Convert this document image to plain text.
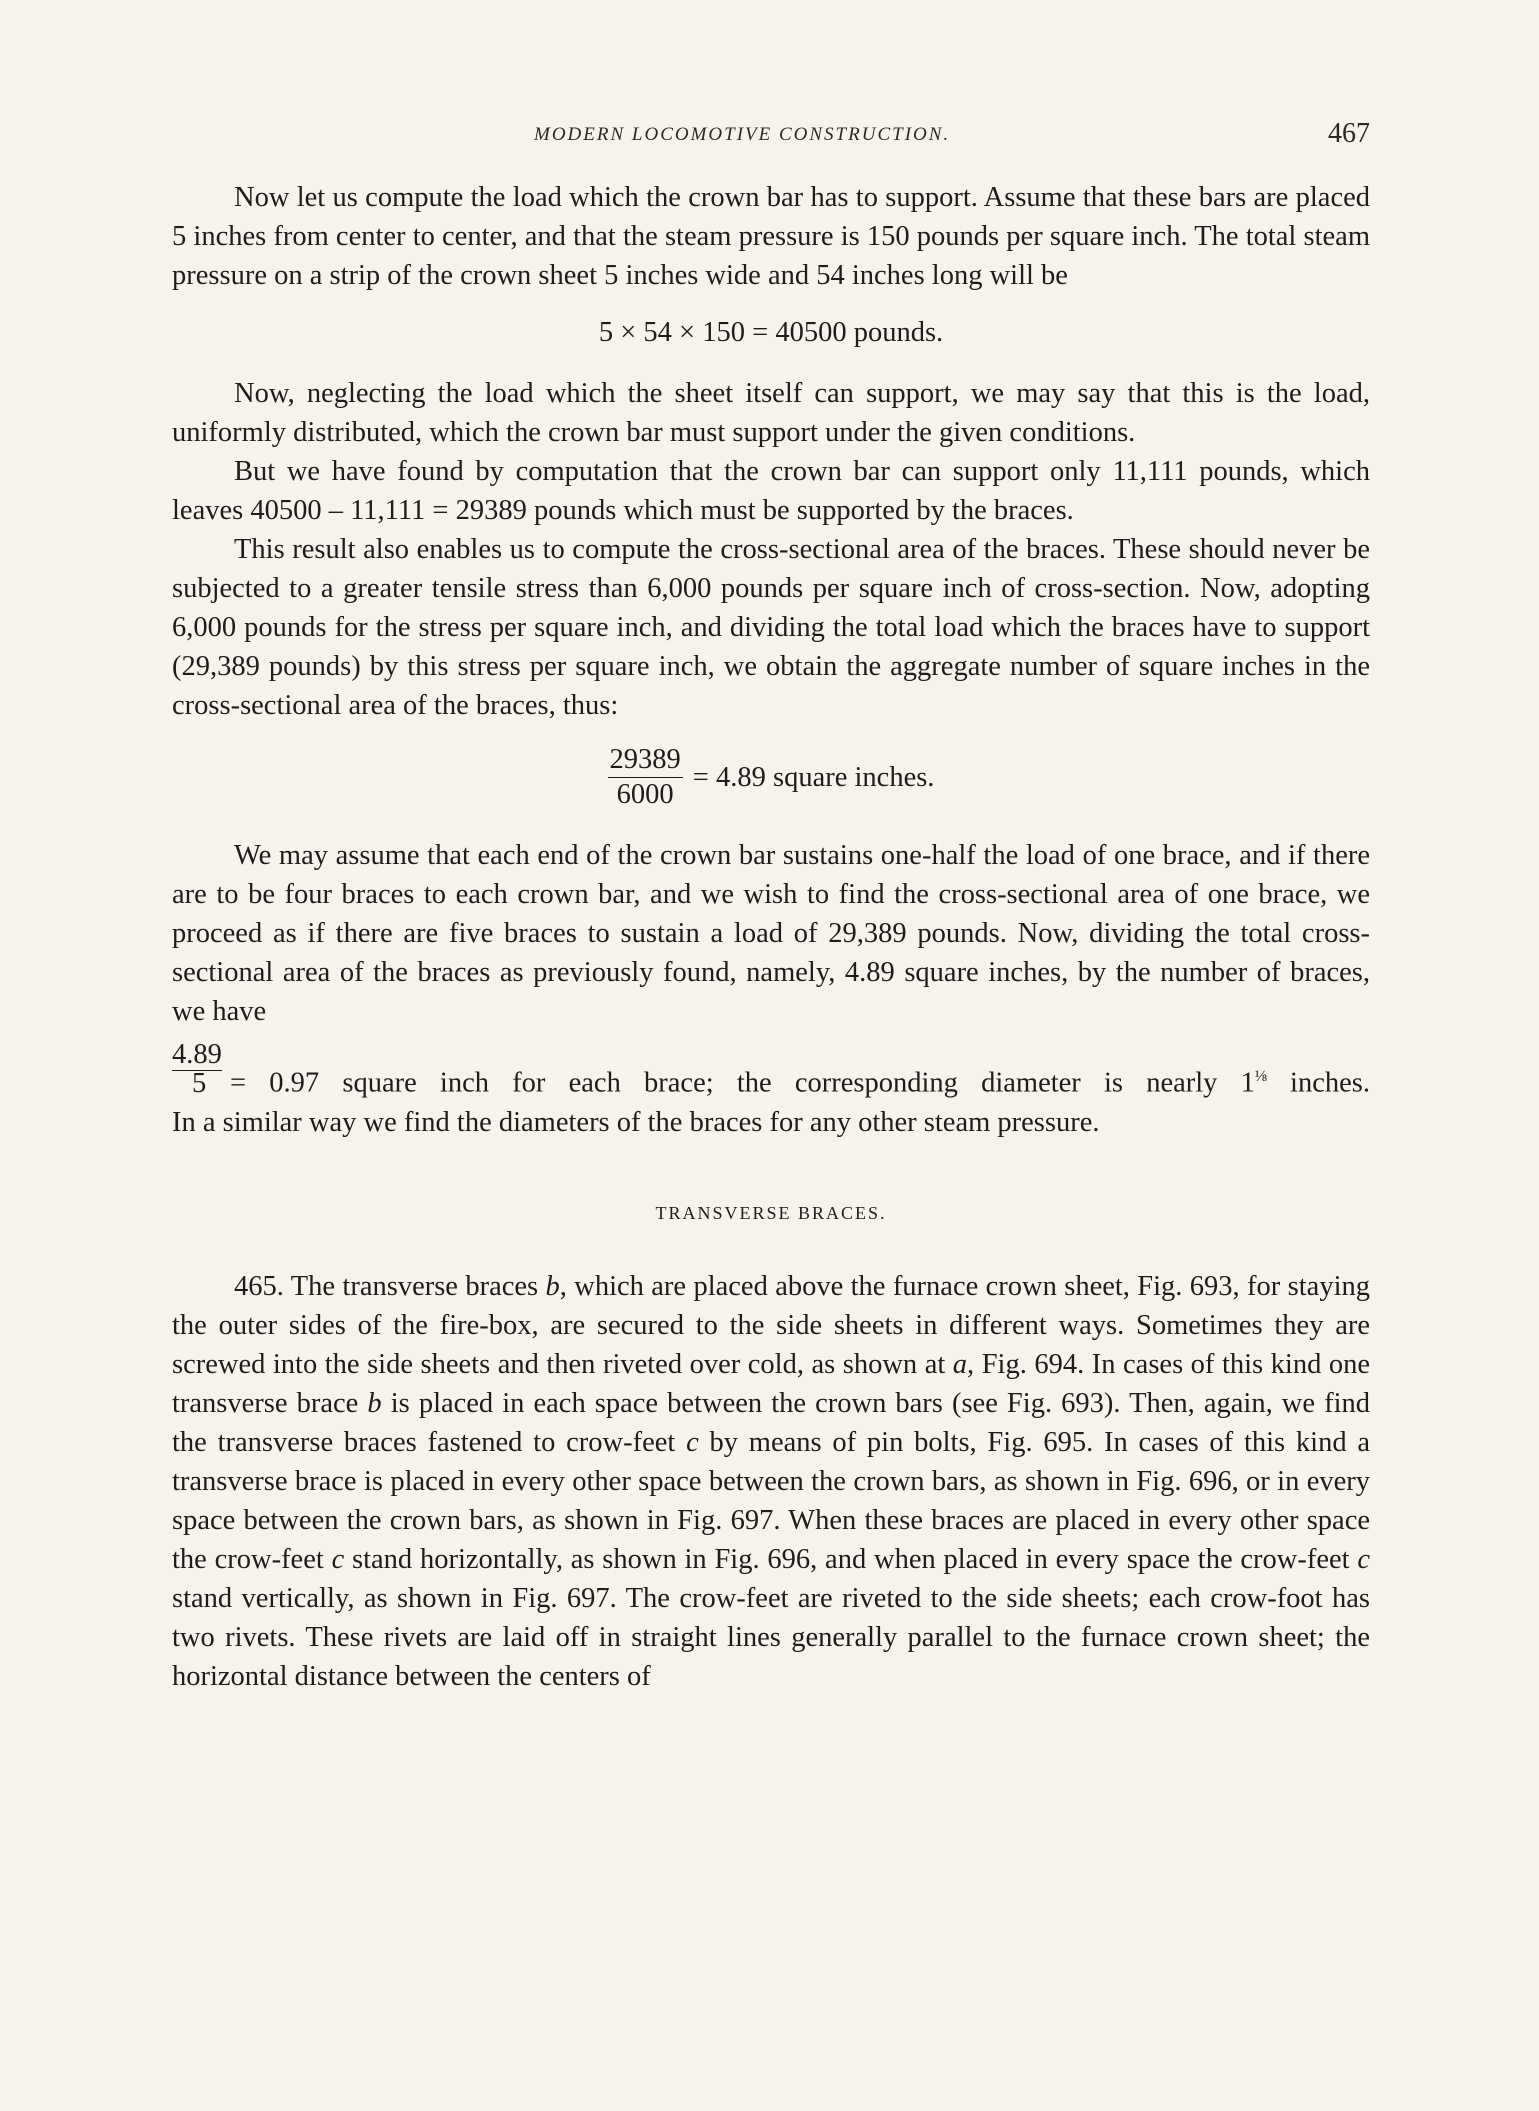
MODERN LOCOMOTIVE CONSTRUCTION.	467

Now let us compute the load which the crown bar has to support. Assume that these bars are placed 5 inches from center to center, and that the steam pressure is 150 pounds per square inch. The total steam pressure on a strip of the crown sheet 5 inches wide and 54 inches long will be

5 × 54 × 150 = 40500 pounds.

Now, neglecting the load which the sheet itself can support, we may say that this is the load, uniformly distributed, which the crown bar must support under the given conditions.

But we have found by computation that the crown bar can support only 11,111 pounds, which leaves 40500 – 11,111 = 29389 pounds which must be supported by the braces.

This result also enables us to compute the cross-sectional area of the braces. These should never be subjected to a greater tensile stress than 6,000 pounds per square inch of cross-section. Now, adopting 6,000 pounds for the stress per square inch, and dividing the total load which the braces have to support (29,389 pounds) by this stress per square inch, we obtain the aggregate number of square inches in the cross-sectional area of the braces, thus:

$\frac{29389}{6000} = 4.89$ square inches.

We may assume that each end of the crown bar sustains one-half the load of one brace, and if there are to be four braces to each crown bar, and we wish to find the cross-sectional area of one brace, we proceed as if there are five braces to sustain a load of 29,389 pounds. Now, dividing the total cross-sectional area of the braces as previously found, namely, 4.89 square inches, by the number of braces, we have

$\frac{4.89}{5} = 0.97$ square inch for each brace; the corresponding diameter is nearly $1^{\frac{1}{8}}$ inches.

In a similar way we find the diameters of the braces for any other steam pressure.

TRANSVERSE BRACES.

465. The transverse braces b, which are placed above the furnace crown sheet, Fig. 693, for staying the outer sides of the fire-box, are secured to the side sheets in different ways. Sometimes they are screwed into the side sheets and then riveted over cold, as shown at a, Fig. 694. In cases of this kind one transverse brace b is placed in each space between the crown bars (see Fig. 693). Then, again, we find the transverse braces fastened to crow-feet c by means of pin bolts, Fig. 695. In cases of this kind a transverse brace is placed in every other space between the crown bars, as shown in Fig. 696, or in every space between the crown bars, as shown in Fig. 697. When these braces are placed in every other space the crow-feet c stand horizontally, as shown in Fig. 696, and when placed in every space the crow-feet c stand vertically, as shown in Fig. 697. The crow-feet are riveted to the side sheets; each crow-foot has two rivets. These rivets are laid off in straight lines generally parallel to the furnace crown sheet; the horizontal distance between the centers of
